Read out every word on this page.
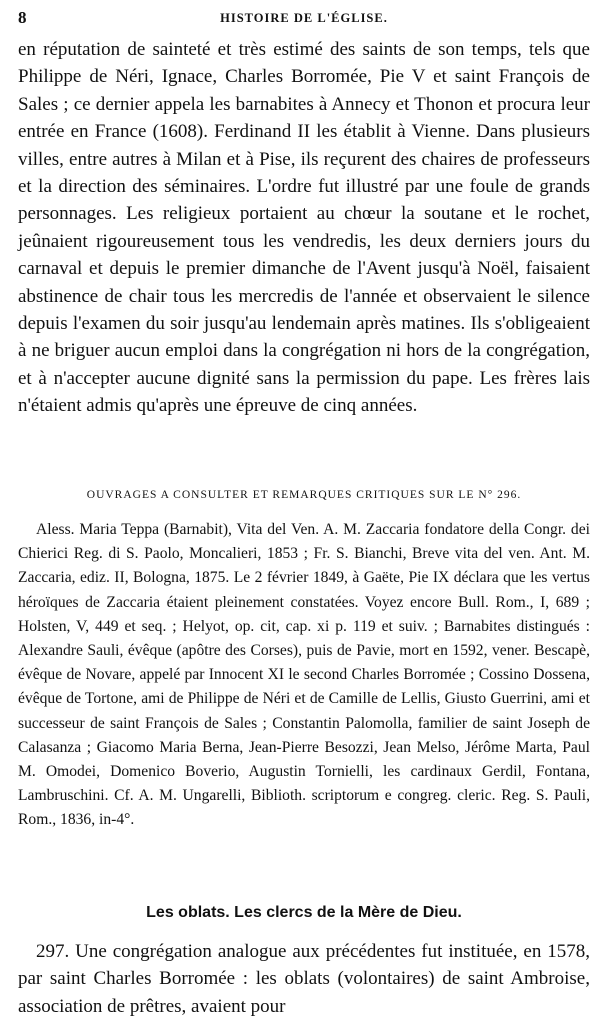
8	HISTOIRE DE L'ÉGLISE.

en réputation de sainteté et très estimé des saints de son temps, tels que Philippe de Néri, Ignace, Charles Borromée, Pie V et saint François de Sales ; ce dernier appela les barnabites à Annecy et Thonon et procura leur entrée en France (1608). Ferdinand II les établit à Vienne. Dans plusieurs villes, entre autres à Milan et à Pise, ils reçurent des chaires de professeurs et la direction des séminaires. L'ordre fut illustré par une foule de grands personnages. Les religieux portaient au chœur la soutane et le rochet, jeûnaient rigoureusement tous les vendredis, les deux derniers jours du carnaval et depuis le premier dimanche de l'Avent jusqu'à Noël, faisaient abstinence de chair tous les mercredis de l'année et observaient le silence depuis l'examen du soir jusqu'au lendemain après matines. Ils s'obligeaient à ne briguer aucun emploi dans la congrégation ni hors de la congrégation, et à n'accepter aucune dignité sans la permission du pape. Les frères lais n'étaient admis qu'après une épreuve de cinq années.

OUVRAGES A CONSULTER ET REMARQUES CRITIQUES SUR LE N° 296.

Aless. Maria Teppa (Barnabit), Vita del Ven. A. M. Zaccaria fondatore della Congr. dei Chierici Reg. di S. Paolo, Moncalieri, 1853 ; Fr. S. Bianchi, Breve vita del ven. Ant. M. Zaccaria, ediz. II, Bologna, 1875. Le 2 février 1849, à Gaëte, Pie IX déclara que les vertus héroïques de Zaccaria étaient pleinement constatées. Voyez encore Bull. Rom., I, 689 ; Holsten, V, 449 et seq. ; Helyot, op. cit, cap. xi p. 119 et suiv. ; Barnabites distingués : Alexandre Sauli, évêque (apôtre des Corses), puis de Pavie, mort en 1592, vener. Bescapè, évêque de Novare, appelé par Innocent XI le second Charles Borromée ; Cossino Dossena, évêque de Tortone, ami de Philippe de Néri et de Camille de Lellis, Giusto Guerrini, ami et successeur de saint François de Sales ; Constantin Palomolla, familier de saint Joseph de Calasanza ; Giacomo Maria Berna, Jean-Pierre Besozzi, Jean Melso, Jérôme Marta, Paul M. Omodei, Domenico Boverio, Augustin Tornielli, les cardinaux Gerdil, Fontana, Lambruschini. Cf. A. M. Ungarelli, Biblioth. scriptorum e congreg. cleric. Reg. S. Pauli, Rom., 1836, in-4°.

Les oblats. Les clercs de la Mère de Dieu.

297. Une congrégation analogue aux précédentes fut instituée, en 1578, par saint Charles Borromée : les oblats (volontaires) de saint Ambroise, association de prêtres, avaient pour
